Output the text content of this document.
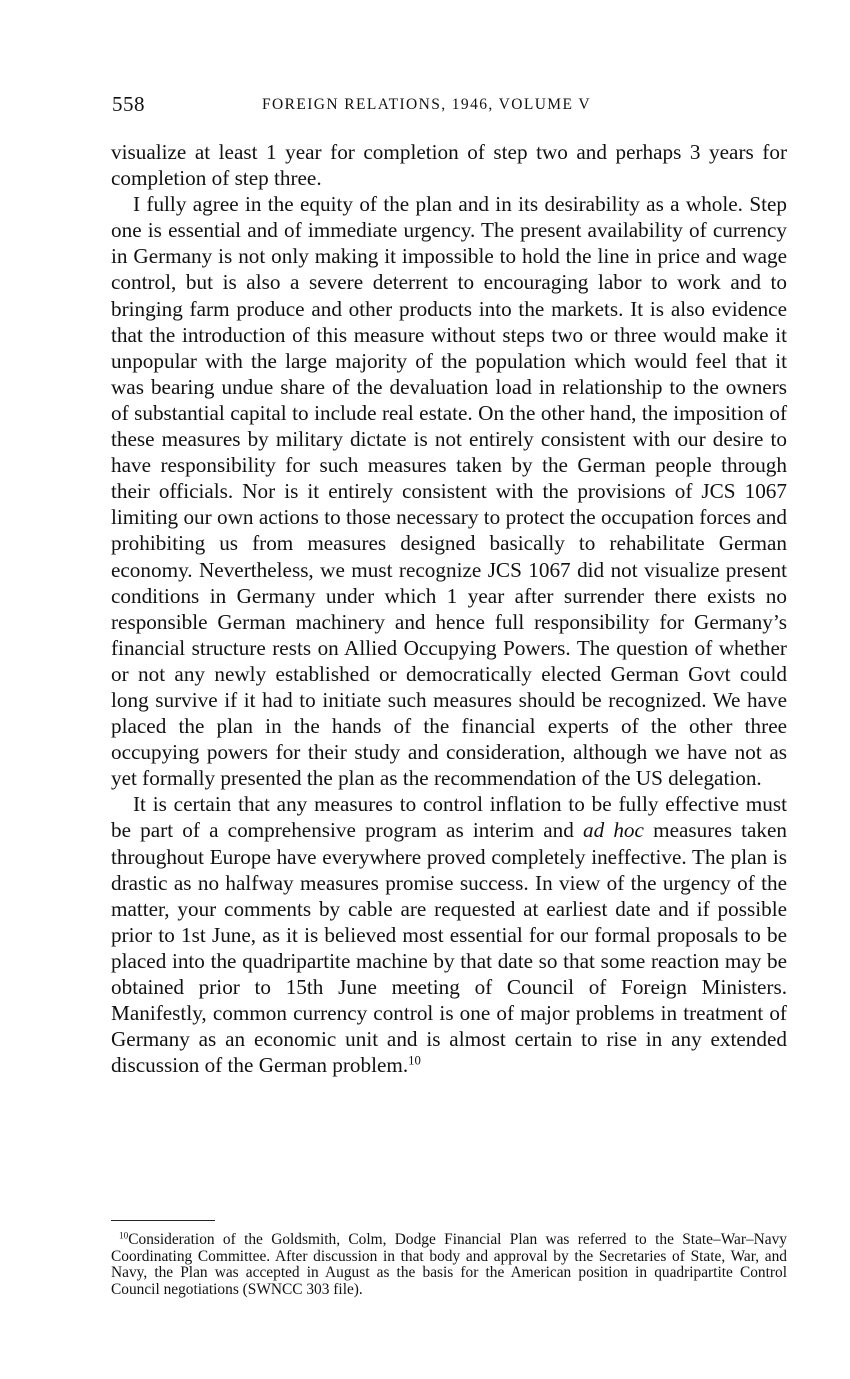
558	FOREIGN RELATIONS, 1946, VOLUME V

visualize at least 1 year for completion of step two and perhaps 3 years for completion of step three.

I fully agree in the equity of the plan and in its desirability as a whole. Step one is essential and of immediate urgency. The present availability of currency in Germany is not only making it impossible to hold the line in price and wage control, but is also a severe deterrent to encouraging labor to work and to bringing farm produce and other products into the markets. It is also evidence that the introduction of this measure without steps two or three would make it unpopular with the large majority of the population which would feel that it was bearing undue share of the devaluation load in relationship to the owners of substantial capital to include real estate. On the other hand, the imposition of these measures by military dictate is not entirely consistent with our desire to have responsibility for such measures taken by the German people through their officials. Nor is it entirely consistent with the provisions of JCS 1067 limiting our own actions to those necessary to protect the occupation forces and prohibiting us from measures designed basically to rehabilitate German economy. Nevertheless, we must recognize JCS 1067 did not visualize present conditions in Germany under which 1 year after surrender there exists no responsible German machinery and hence full responsibility for Germany’s financial structure rests on Allied Occupying Powers. The question of whether or not any newly established or democratically elected German Govt could long survive if it had to initiate such measures should be recognized. We have placed the plan in the hands of the financial experts of the other three occupying powers for their study and consideration, although we have not as yet formally presented the plan as the recommendation of the US delegation.

It is certain that any measures to control inflation to be fully effective must be part of a comprehensive program as interim and ad hoc measures taken throughout Europe have everywhere proved completely ineffective. The plan is drastic as no halfway measures promise success. In view of the urgency of the matter, your comments by cable are requested at earliest date and if possible prior to 1st June, as it is believed most essential for our formal proposals to be placed into the quadripartite machine by that date so that some reaction may be obtained prior to 15th June meeting of Council of Foreign Ministers. Manifestly, common currency control is one of major problems in treatment of Germany as an economic unit and is almost certain to rise in any extended discussion of the German problem.$^{10}$

$^{10}$Consideration of the Goldsmith, Colm, Dodge Financial Plan was referred to the State–War–Navy Coordinating Committee. After discussion in that body and approval by the Secretaries of State, War, and Navy, the Plan was accepted in August as the basis for the American position in quadripartite Control Council negotiations (SWNCC 303 file).
